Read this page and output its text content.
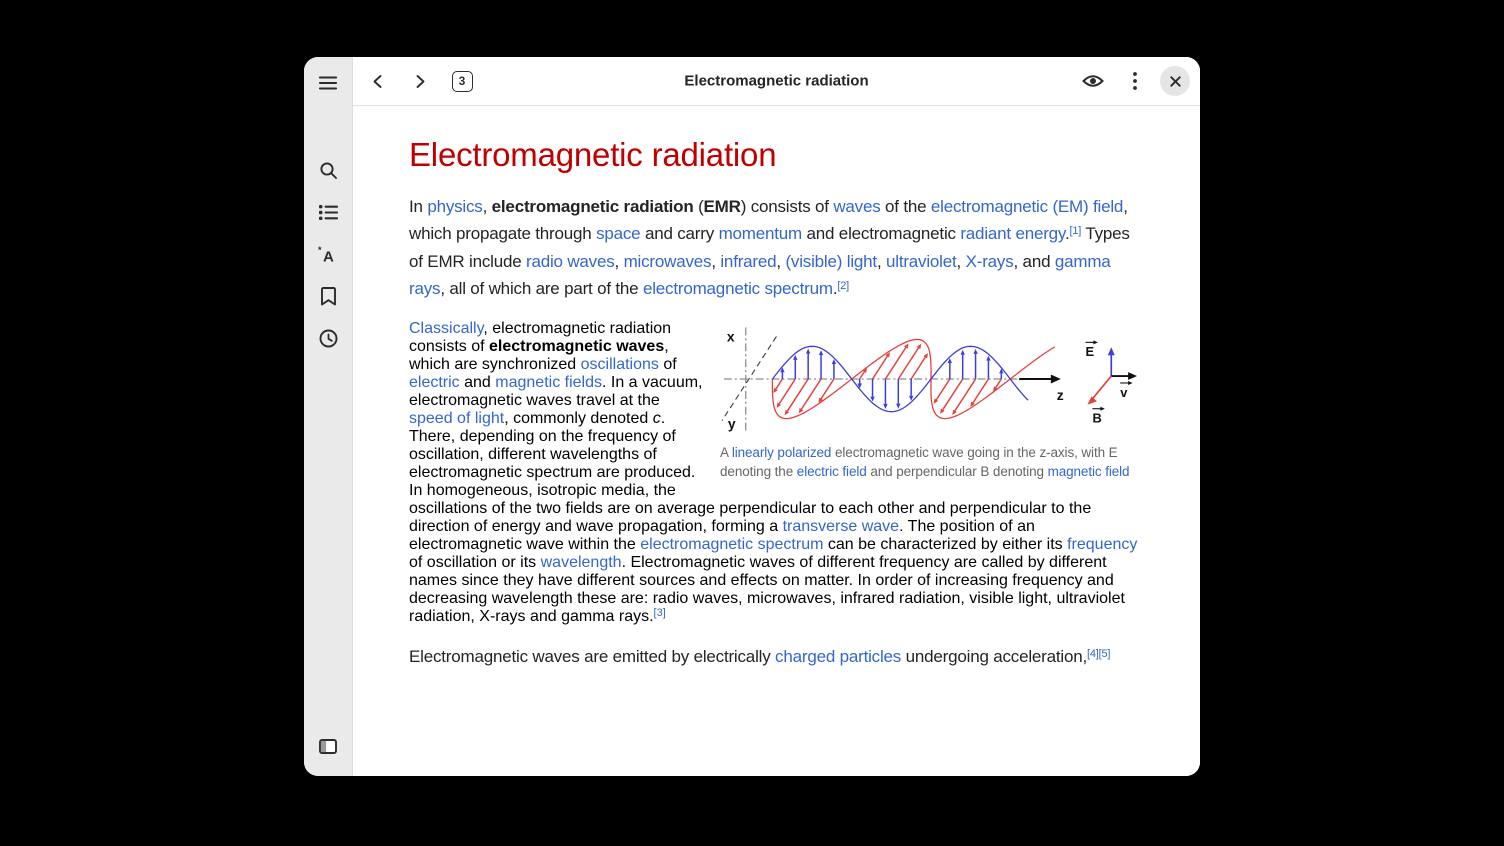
* A
3	Electromagnetic radiation
Electromagnetic radiation

In physics, electromagnetic radiation (EMR) consists of waves of the electromagnetic (EM) field, which propagate through space and carry momentum and electromagnetic radiant energy.[1] Types of EMR include radio waves, microwaves, infrared, (visible) light, ultraviolet, X-rays, and gamma rays, all of which are part of the electromagnetic spectrum.[2]

x
y
z
E
v
B
A linearly polarized electromagnetic wave going in the z-axis, with E denoting the electric field and perpendicular B denoting magnetic field
Classically, electromagnetic radiation consists of electromagnetic waves, which are synchronized oscillations of electric and magnetic fields. In a vacuum, electromagnetic waves travel at the speed of light, commonly denoted c. There, depending on the frequency of oscillation, different wavelengths of electromagnetic spectrum are produced. In homogeneous, isotropic media, the oscillations of the two fields are on average perpendicular to each other and perpendicular to the direction of energy and wave propagation, forming a transverse wave. The position of an electromagnetic wave within the electromagnetic spectrum can be characterized by either its frequency of oscillation or its wavelength. Electromagnetic waves of different frequency are called by different names since they have different sources and effects on matter. In order of increasing frequency and decreasing wavelength these are: radio waves, microwaves, infrared radiation, visible light, ultraviolet radiation, X-rays and gamma rays.[3]

Electromagnetic waves are emitted by electrically charged particles undergoing acceleration,[4][5]
